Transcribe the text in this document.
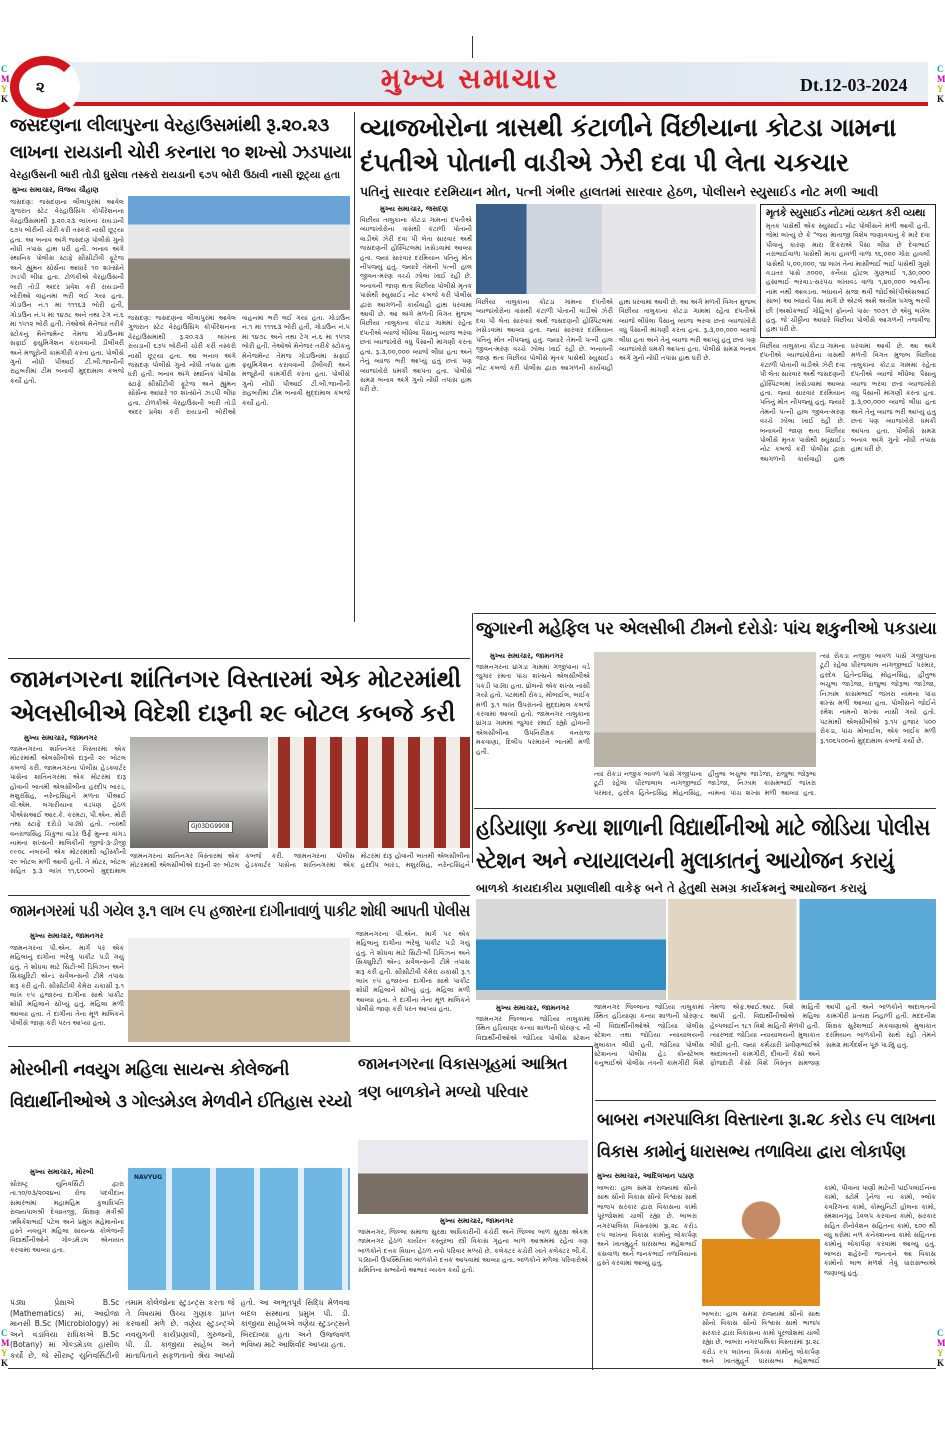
C
M
Y
K
C
M
Y
K
C
M
Y
K
C
M
Y
K
૨	મુખ્ય સમાચાર	Dt.12-03-2024
જસદણના લીલાપુરના વેરહાઉસમાંથી રૂ.૨૦.૨૩ લાખના રાયડાની ચોરી કરનારા ૧૦ શખ્સો ઝડપાયા
વેરહાઉસની બારી તોડી ઘુસેલા તસ્કરો રાયડાની ૬૭૫ બોરી ઉઠાવી નાસી છૂટ્યા હતા
મુખ્ય સમાચાર, વિજય ચૌહાણ
જસદણ: જસદણના લીલાપુરમાં આવેલ ગુજરાત સ્ટેટ વેરહાઉસિંગ કોર્પોરેશનના વેરહાઉસમાંથી રૂ.૨૦.૨૩ લાખના રાયડાની ૬૭૫ બોરીની ચોરી કરી તસ્કરો નાસી છૂટ્યા હતા. આ બનાવ અંગે જસદણ પોલીસે ગુનો નોંધી તપાસ હાથ ધરી હતી. બનાવ અંગે સ્થાનિક પોલીસ સ્ટાફે સીસીટીવી ફૂટેજ અને હ્યુમન સોર્સના આધારે ૧૦ શખ્સોને ઝડપી લીધા હતા. ટોળકીએ વેરહાઉસની બારી તોડી અંદર પ્રવેશ કરી રાયડાની બોરીઓ વાહનમાં ભરી લઈ ગયા હતા. ગોડાઉન નં.૧ માં ૧૧૧૬૩ બોરી હતી, ગોડાઉન નં.૫ માં ૧૪૭૮ અને તથા ટેગ નં.૬ માં ૧૫૧૨ બોરી હતી. તેઓએ મેનેજર તરીકે સ્ટોકનું મેનેજમેન્ટ તેમજ ગોડાઉનમાં સફાઈ ફ્યુમિગેશન કરાવવાની ડીલીવરી અને મજૂરોની કામગીરી કરતા હતા. પોલીસે ગુનો નોંધી પીઆઈ ટી.બી.જાનીની રાહબરીમાં ટીમ બનાવી મુદ્દામાલ કબજે કર્યો હતો.
જસદણ: જસદણના લીલાપુરમાં આવેલ ગુજરાત સ્ટેટ વેરહાઉસિંગ કોર્પોરેશનના વેરહાઉસમાંથી રૂ.૨૦.૨૩ લાખના રાયડાની ૬૭૫ બોરીની ચોરી કરી તસ્કરો નાસી છૂટ્યા હતા. આ બનાવ અંગે જસદણ પોલીસે ગુનો નોંધી તપાસ હાથ ધરી હતી. બનાવ અંગે સ્થાનિક પોલીસ સ્ટાફે સીસીટીવી ફૂટેજ અને હ્યુમન સોર્સના આધારે ૧૦ શખ્સોને ઝડપી લીધા હતા. ટોળકીએ વેરહાઉસની બારી તોડી અંદર પ્રવેશ કરી રાયડાની બોરીઓ વાહનમાં ભરી લઈ ગયા હતા. ગોડાઉન નં.૧ માં ૧૧૧૬૩ બોરી હતી, ગોડાઉન નં.૫ માં ૧૪૭૮ અને તથા ટેગ નં.૬ માં ૧૫૧૨ બોરી હતી. તેઓએ મેનેજર તરીકે સ્ટોકનું મેનેજમેન્ટ તેમજ ગોડાઉનમાં સફાઈ ફ્યુમિગેશન કરાવવાની ડીલીવરી અને મજૂરોની કામગીરી કરતા હતા. પોલીસે ગુનો નોંધી પીઆઈ ટી.બી.જાનીની રાહબરીમાં ટીમ બનાવી મુદ્દામાલ કબજે કર્યો હતો.
વ્યાજખોરોના ત્રાસથી કંટાળીને વિંછીયાના કોટડા ગામના દંપતીએ પોતાની વાડીએ ઝેરી દવા પી લેતા ચકચાર
પતિનું સારવાર દરમિયાન મોત, પત્ની ગંભીર હાલતમાં સારવાર હેઠળ, પોલીસને સ્યુસાઈડ નોટ મળી આવી
મુખ્ય સમાચાર, જસદણ
વિંછીયા તાલુકાના કોટડા ગામના દંપતીએ વ્યાજખોરોના ત્રાસથી કંટાળી પોતાની વાડીએ ઝેરી દવા પી લેતા સારવાર અર્થે જસદણની હોસ્પિટલમાં ખસેડવામાં આવ્યા હતા. જ્યાં સારવાર દરમિયાન પતિનું મોત નીપજ્યું હતું. જ્યારે તેમની પત્ની હાલ જીવન-મરણ વચ્ચે ઝોલા ખાઈ રહી છે. બનાવની જાણ થતા વિંછીયા પોલીસે મૃતક પાસેથી સ્યુસાઈડ નોટ કબજે કરી પોલીસ દ્વારા આગળની કાર્યવાહી હાથ ધરવામાં આવી છે. આ અંગે મળતી વિગત મુજબ વિંછીયા તાલુકાના કોટડા ગામમાં રહેતા દંપતીએ વ્યાજે લીધેલા પૈસાનું વ્યાજ ભરવા છતાં વ્યાજખોરો વધુ પૈસાની માંગણી કરતા હતા. રૂ.૩,૦૦,૦૦૦ વ્યાજે લીધા હતા અને તેનું વ્યાજ ભરી આપ્યું હતું છતાં પણ વ્યાજખોરો ધમકી આપતા હતા. પોલીસે સમગ્ર બનાવ અંગે ગુનો નોંધી તપાસ હાથ ધરી છે.
વિંછીયા તાલુકાના કોટડા ગામના દંપતીએ વ્યાજખોરોના ત્રાસથી કંટાળી પોતાની વાડીએ ઝેરી દવા પી લેતા સારવાર અર્થે જસદણની હોસ્પિટલમાં ખસેડવામાં આવ્યા હતા. જ્યાં સારવાર દરમિયાન પતિનું મોત નીપજ્યું હતું. જ્યારે તેમની પત્ની હાલ જીવન-મરણ વચ્ચે ઝોલા ખાઈ રહી છે. બનાવની જાણ થતા વિંછીયા પોલીસે મૃતક પાસેથી સ્યુસાઈડ નોટ કબજે કરી પોલીસ દ્વારા આગળની કાર્યવાહી હાથ ધરવામાં આવી છે. આ અંગે મળતી વિગત મુજબ વિંછીયા તાલુકાના કોટડા ગામમાં રહેતા દંપતીએ વ્યાજે લીધેલા પૈસાનું વ્યાજ ભરવા છતાં વ્યાજખોરો વધુ પૈસાની માંગણી કરતા હતા. રૂ.૩,૦૦,૦૦૦ વ્યાજે લીધા હતા અને તેનું વ્યાજ ભરી આપ્યું હતું છતાં પણ વ્યાજખોરો ધમકી આપતા હતા. પોલીસે સમગ્ર બનાવ અંગે ગુનો નોંધી તપાસ હાથ ધરી છે.
મૃતકે સ્યુસાઈડ નોટમાં વ્યકત કરી વ્યથા
મૃતક પાસેથી એક સ્યુસાઈડ નોટ પોલીસને મળી આવી હતી. જેમાં લખ્યું છે કે "જય માતાજી વિશેષ જણાવવાનું કે મારે દવા પીવાનું કારણ મારા દિકરાએ પૈસા લીધા છે દેવાભાઈ નરાભાઈવાળા પાસેથી માત્રા હાવળી વાળા ૧૬,૦૦૦ ગોરા હાવલી પાસેથી ૫,૦૦,૦૦૦, ૧૪ લાખ તેના માસીભાઈ ભાઈ પાસેથી ગુણો વડાતર પાસે ૭૦૦૦, કનૈયા હોટલ ગુણભાઈ ૧,૩૦,૦૦૦ હસાભાઈ ભરવાડ-સરપંચ લખાવડ વાળા ૧,૪૦,૦૦૦ બાકીના નામ નથી આવડતા. બધાયને સજા થવી જોઈએ(પીએસઆઈ સાબ) આ બધાયે પૈસા માગે છે એટલે અમે અંતીમ પગલુ ભરવી છી (અશોકભાઈ ગોહિલ) ફોનનો પાસ- ૧૦૭૧ છે એવુ લખેલ હતુ. જે ચીઠ્ઠીના આધારે વિંછીયા પોલીસે આગળની તજવીજ હાથ ધરી છે.
વિંછીયા તાલુકાના કોટડા ગામના દંપતીએ વ્યાજખોરોના ત્રાસથી કંટાળી પોતાની વાડીએ ઝેરી દવા પી લેતા સારવાર અર્થે જસદણની હોસ્પિટલમાં ખસેડવામાં આવ્યા હતા. જ્યાં સારવાર દરમિયાન પતિનું મોત નીપજ્યું હતું. જ્યારે તેમની પત્ની હાલ જીવન-મરણ વચ્ચે ઝોલા ખાઈ રહી છે. બનાવની જાણ થતા વિંછીયા પોલીસે મૃતક પાસેથી સ્યુસાઈડ નોટ કબજે કરી પોલીસ દ્વારા આગળની કાર્યવાહી હાથ ધરવામાં આવી છે. આ અંગે મળતી વિગત મુજબ વિંછીયા તાલુકાના કોટડા ગામમાં રહેતા દંપતીએ વ્યાજે લીધેલા પૈસાનું વ્યાજ ભરવા છતાં વ્યાજખોરો વધુ પૈસાની માંગણી કરતા હતા. રૂ.૩,૦૦,૦૦૦ વ્યાજે લીધા હતા અને તેનું વ્યાજ ભરી આપ્યું હતું છતાં પણ વ્યાજખોરો ધમકી આપતા હતા. પોલીસે સમગ્ર બનાવ અંગે ગુનો નોંધી તપાસ હાથ ધરી છે.
જુગારની મહેફિલ પર એલસીબી ટીમનો દરોડોઃ પાંચ શકુનીઓ પકડાયા
મુખ્ય સમાચાર, જામનગર
જામનગરના ધ્રાંગડા ગામમાં ગંજીપાના વડે જુગાર રમતા પાંચ શખ્સને એલસીબીએ પકડી પાડ્યા હતા. ધ્રોલનો એક શખ્સ નાસી ગયો હતો. પટમાંથી રોકડ, મોબાઈલ, બાઈક મળી રૂ.૧ લાખ ઉપરાંતનો મુદ્દામાલ કબજે કરવામાં આવ્યો હતો. જામનગર તાલુકાના ધ્રાંગડા ગામમાં જુગાર રમાઈ રહ્યો હોવાની એલસીબીના ઉપનિરીક્ષક વનરાજ મકવાણા, દિલીપ પરમારને બાતમી મળી હતી.
ત્યાં રોકડા નજીક બાવળ પાસે ગંજીપાના ટૂટી રહેલા ધીરજલાલ નાગજીભાઈ પરમાર, હરદેવ હિતેન્દ્રસિંહ મોહનસિંહ, હીતુભા બચુભા જાડેજા, રાજુભા જોરૂભા જાડેજા, નિઝામ કાસમભાઈ જખરા નામના પાંચ શખ્સ મળી આવ્યા હતા.
ત્યાં રોકડા નજીક બાવળ પાસે ગંજીપાના ટૂટી રહેલા ધીરજલાલ નાગજીભાઈ પરમાર, હરદેવ હિતેન્દ્રસિંહ મોહનસિંહ, હીતુભા બચુભા જાડેજા, રાજુભા જોરૂભા જાડેજા, નિઝામ કાસમભાઈ જખરા નામના પાંચ શખ્સ મળી આવ્યા હતા. પોલીસને જોઈને રમેશ નામનો શખ્સ નાસી ગયો હતો. પટમાંથી એલસીબીએ રૂ.૧૫ હજાર ૫૦૦ રોકડા, પાંચ મોબાઈલ, એક બાઈક મળી રૂ.૧૦૬૫૦૦નો મુદ્દામાલ કબજે કર્યો છે.
જામનગરના શાંતિનગર વિસ્તારમાં એક મોટરમાંથી એલસીબીએ વિદેશી દારૂની ૨૯ બોટલ કબજે કરી
મુખ્ય સમાચાર, જામનગર
જામનગરના શાંતિનગર વિસ્તારમાં એક મોટરમાંથી એલસીબીએ દારૂની ૨૯ બોટલ કબજે કરી. જામનગરના પોલીસ હેડક્વાર્ટર પાસેના શાંતિનગરમાં એક મોટરમાં દારૂ હોવાની બાતમી એલસીબીના હરદીપ બારડ, મશુરસિંહ, નરેન્દ્રસિંહને મળતા પીઆઈ વી.એમ. લગારીયાના વડપણ હેઠળ પીએસઆઈ આર.કે. કરમટા, પી.એન. મોરી તથા સ્ટાફે દરોડો પાડ્યો હતો. ત્યાંથી વનરાજસિંહ ચિકુભા વાડેર ઉર્ફે મુન્ના વાંગડ નામના શખ્સની માલિકીની જીજે-૩-ડીજી ૯૯૦૮ નંબરની એક મોટરમાંથી વ્હીસ્કીની ૨૯ બોટલ મળી આવી હતી. તે મોટર, બોટલ સહિત રૂ.૩ લાખ ૧૧,૬૦૦નો મુદ્દામાલ
GJ03DG9908
જામનગરના શાંતિનગર વિસ્તારમાં એક મોટરમાંથી એલસીબીએ દારૂની ૨૯ બોટલ કબજે કરી. જામનગરના પોલીસ હેડક્વાર્ટર પાસેના શાંતિનગરમાં એક મોટરમાં દારૂ હોવાની બાતમી એલસીબીના હરદીપ બારડ, મશુરસિંહ, નરેન્દ્રસિંહને
હડિયાણા કન્યા શાળાની વિદ્યાર્થીનીઓ માટે જોડિયા પોલીસ સ્ટેશન અને ન્યાયાલયની મુલાકાતનું આયોજન કરાયું
બાળકો કાયદાકીય પ્રણાલીથી વાકેફ બને તે હેતુથી સમગ્ર કાર્યક્રમનું આયોજન કરાયું
મુખ્ય સમાચાર, જામનગર
જામનગર જિલ્લાના જોડિયા તાલુકામાં સ્થિત હડિયાણા કન્યા શાળાની ધોરણ-૮ ની વિદ્યાર્થીનીઓએ જોડિયા પોલીસ સ્ટેશન
જામનગર જિલ્લાના જોડિયા તાલુકામાં સ્થિત હડિયાણા કન્યા શાળાની ધોરણ-૮ ની વિદ્યાર્થીનીઓએ જોડિયા પોલીસ સ્ટેશન તથા જોડિયા ન્યાયાલયની મુલાકાત લીધી હતી. જોડિયા પોલીસ સ્ટેશનના પોલીસ હેડ કોન્સ્ટેબલ કનુભાઈએ પોલીસ તંત્રની કામગીરી વિશે તેમજ એફ.આઈ.આર. વિશે માહિતી આપી હતી. વિદ્યાર્થીનીઓએ મહિલા હેલ્પલાઈન ૧૮૧ વિશે માહિતી મેળવી હતી. ત્યારબાદ જોડિયા ન્યાયાલયની મુલાકાત લીધી હતી. જ્યાં કર્મચારી પ્રવીણભાઈએ અદાલતની કામગીરી, દીવાની કેસો અને ફોજદારી કેસો વિશે વિસ્તૃત સમજણ આપી હતી અને બાળકોને અદાલતની કામગીરી પ્રત્યક્ષ નિહાળી હતી. મદદનીશ શિક્ષક સુરેશભાઈ મકવાણાએ મુલાકાત દરમિયાન બાળકોની સાથે રહી તેમને સમગ્ર માર્ગદર્શન પૂરું પાડ્યું હતું.
જામનગરમાં પડી ગયેલ રૂ.૧ લાખ ૯૫ હજારના દાગીનાવાળું પાકીટ શોધી આપતી પોલીસ
મુખ્ય સમાચાર, જામનગર
જામનગરના પી.એન. માર્ગ પર એક મહિલાનું દાગીના ભરેલું પાકીટ પડી ગયું હતું. તે શોધવા માટે સિટી-બી ડિવિઝન અને સિક્યુરિટી એન્ડ સર્વેલન્સની ટીમે તપાસ શરૂ કરી હતી. સીસીટીવી કેમેરા ચકાસી રૂ.૧ લાખ ૯૫ હજારના દાગીના સાથે પાકીટ શોધી મહિલાને સોંપ્યું હતું. મહિલા મળી આવ્યા હતા. તે દાગીના તેના મૂળ માલિકને પોલીસે જાણ કરી પરત આપ્યા હતા.
જામનગરના પી.એન. માર્ગ પર એક મહિલાનું દાગીના ભરેલું પાકીટ પડી ગયું હતું. તે શોધવા માટે સિટી-બી ડિવિઝન અને સિક્યુરિટી એન્ડ સર્વેલન્સની ટીમે તપાસ શરૂ કરી હતી. સીસીટીવી કેમેરા ચકાસી રૂ.૧ લાખ ૯૫ હજારના દાગીના સાથે પાકીટ શોધી મહિલાને સોંપ્યું હતું. મહિલા મળી આવ્યા હતા. તે દાગીના તેના મૂળ માલિકને પોલીસે જાણ કરી પરત આપ્યા હતા.
જામનગરના વિકાસગૃહમાં આશ્રિત ત્રણ બાળકોને મળ્યો પરિવાર
મુખ્ય સમાચાર, જામનગર
જામનગર, જિલ્લા સમાજ સુરક્ષા અધિકારીની કચેરી અને જિલ્લા બાળ સુરક્ષા એકમ જામનગર હેઠળ કાર્યરત કસ્તુરબા સ્ત્રી વિકાસ ગૃહના બાળ આશ્રમમાં રહેતા ત્રણ બાળકોને દત્તક વિધાન હેઠળ નવો પરિવાર મળ્યો છે. કલેક્ટર કચેરી ખાતે કલેક્ટર બી.કે. પંડ્યાની ઉપસ્થિતિમાં બાળકોને દત્તક આપવામાં આવ્યા હતા. બાળકોને મળેલા પરિવારોએ સમિતિના સભ્યોનો આભાર વ્યક્ત કર્યો હતો.
મોરબીની નવયુગ મહિલા સાયન્સ કોલેજની વિદ્યાર્થીનીઓએ ૩ ગોલ્ડમેડલ મેળવીને ઈતિહાસ રચ્યો
મુખ્ય સમાચાર, મોરબી
સૌરાષ્ટ્ર યુનિવર્સિટી દ્વારા તા.૧૦/૦૩/૨૦૨૪ના રોજ પદવીદાન સમારંભમાં મહામહિમ કુલાધિપતિ રાજ્યપાલશ્રી દેવવ્રતજી, શિક્ષણ મંત્રીશ્રી ઋષિકેશભાઈ પટેલ અને પ્રમુખ મહેમાનોના હસ્તે નવયુગ મહિલા સાયન્સ કોલેજની વિદ્યાર્થીનીઓને ગોલ્ડમેડલ એનાયત કરવામાં આવ્યા હતા.
NAVYUG
પંડ્યા પ્રેક્ષાએ B.Sc (Mathematics) માં, આદ્રોજા માનસી B.Sc (Microbiology) માં અને વડાવિયા રાધિકાએ B.Sc (Botany) માં ગોલ્ડમેડલ હાંસીલ કર્યો છે, જે સૌરાષ્ટ્ર યુનિવર્સિટીની તમામ કોલેજોના સ્ટુડન્ટ્સ કરતા જે તે વિષયમાં ઉચ્ચ ગુણાંક પ્રાપ્ત કરવાથી મળે છે. ત્રણેય સ્ટુડન્ટ્એ નવયુગની કાર્યપ્રણાલી, ગુરુજનો, પી. ડી. કાંજીયા સાહેબ અને માતાપિતાને સફળતાનો શ્રેય આપ્યો હતો. આ અભૂતપૂર્વ સિદ્ધિ મેળવવા બદલ સંસ્થાના પ્રમુખ પી. ડી. કાંજીયા સાહેબએ ત્રણેય સ્ટુડન્ટ્સને બિરદાવ્યા હતા અને ઉજ્જવળ ભવિષ્ય માટે આશિર્વાદ આપ્યા હતા.
બાબરા નગરપાલિકા વિસ્તારના રૂા.૨૮ કરોડ ૯૫ લાખના વિકાસ કામોનું ધારાસભ્ય તળાવિયા દ્વારા લોકાર્પણ
મુખ્ય સમાચાર, આદિલખાન પઠાણ
બાબરા: હાલ સમગ્ર રાજ્યમાં સૌનો સાથ સૌનો વિકાસ સૌનો વિશ્વાસ સાથે ભાજપ સરકાર દ્વારા વિકાસના કામો પૂરજોશમાં ચાલી રહ્યા છે. બાબરા નગરપાલિકા વિસ્તારમાં રૂા.૨૮ કરોડ ૯૫ લાખના વિકાસ કામોનું લોકાર્પણ અને ખાતમુહૂર્ત ધારાસભ્ય મહેશભાઈ કસવાળા અને જનકભાઈ તળાવિયાના હસ્તે કરવામાં આવ્યું હતું.
બાબરા: હાલ સમગ્ર રાજ્યમાં સૌનો સાથ સૌનો વિકાસ સૌનો વિશ્વાસ સાથે ભાજપ સરકાર દ્વારા વિકાસના કામો પૂરજોશમાં ચાલી રહ્યા છે. બાબરા નગરપાલિકા વિસ્તારમાં રૂા.૨૮ કરોડ ૯૫ લાખના વિકાસ કામોનું લોકાર્પણ અને ખાતમુહૂર્ત ધારાસભ્ય મહેશભાઈ
કામો, પીવાના પાણી માટેની પાઈપલાઈનના કામો, સ્ટોર્મ ડ્રેનેજ ના કામો, બ્લોક કવરિંગના કામો, કોમ્યુનિટી હોલના કામો, સ્મશાનગૃહ ડેવલપ કરવાના કામો, સરકાર સહિત રીનોવેશન સહિતના કામો, ૬૦૦ થી વધુ ઘરોમાં નળ કનેક્શનના કામો સહિતના કામોનું લોકાર્પણ કરવામાં આવ્યું હતું. બાબરા શહેરની જનતાને આ વિકાસ કામોનો લાભ મળશે તેવું ધારાસભ્યએ જણાવ્યું હતું.
